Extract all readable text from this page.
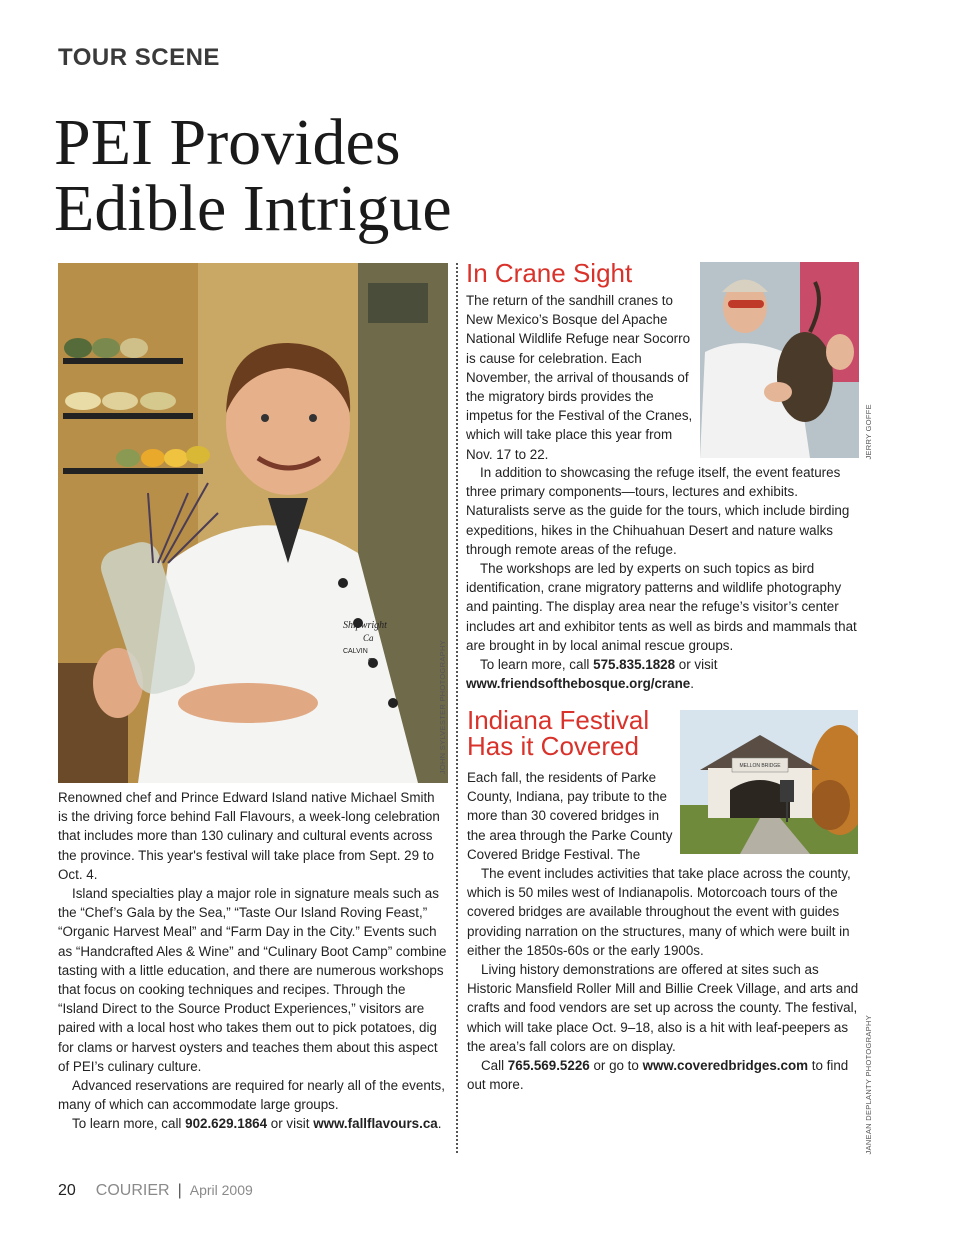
TOUR SCENE
PEI Provides
Edible Intrigue
Shipwright
Ca
CALVIN
C	JOHN SYLVESTER PHOTOGRAPHY

Renowned chef and Prince Edward Island native Michael Smith is the driving force behind Fall Flavours, a week-long celebration that includes more than 130 culinary and cultural events across the province. This year's festival will take place from Sept. 29 to Oct. 4.

Island specialties play a major role in signature meals such as the “Chef’s Gala by the Sea,” “Taste Our Island Roving Feast,” “Organic Harvest Meal” and “Farm Day in the City.” Events such as “Handcrafted Ales & Wine” and “Culinary Boot Camp” combine tasting with a little education, and there are numerous workshops that focus on cooking techniques and recipes. Through the “Island Direct to the Source Product Experiences,” visitors are paired with a local host who takes them out to pick potatoes, dig for clams or harvest oysters and teaches them about this aspect of PEI’s culinary culture.

Advanced reservations are required for nearly all of the events, many of which can accommodate large groups.

To learn more, call 902.629.1864 or visit www.fallflavours.ca.

In Crane Sight
JERRY GOFFE

The return of the sandhill cranes to New Mexico’s Bosque del Apache National Wildlife Refuge near Socorro is cause for celebration. Each November, the arrival of thousands of the migratory birds provides the impetus for the Festival of the Cranes, which will take place this year from Nov. 17 to 22.

In addition to showcasing the refuge itself, the event features three primary components—tours, lectures and exhibits. Naturalists serve as the guide for the tours, which include birding expeditions, hikes in the Chihuahuan Desert and nature walks through remote areas of the refuge.

The workshops are led by experts on such topics as bird identification, crane migratory patterns and wildlife photography and painting. The display area near the refuge’s visitor’s center includes art and exhibitor tents as well as birds and mammals that are brought in by local animal rescue groups.

To learn more, call 575.835.1828 or visit www.friendsofthebosque.org/crane.

Indiana Festival
Has it Covered
MELLON BRIDGE
JANEAN DEPLANTY PHOTOGRAPHY

Each fall, the residents of Parke County, Indiana, pay tribute to the more than 30 covered bridges in the area through the Parke County Covered Bridge Festival. The

The event includes activities that take place across the county, which is 50 miles west of Indianapolis. Motorcoach tours of the covered bridges are available throughout the event with guides providing narration on the structures, many of which were built in either the 1850s-60s or the early 1900s.

Living history demonstrations are offered at sites such as Historic Mansfield Roller Mill and Billie Creek Village, and arts and crafts and food vendors are set up across the county. The festival, which will take place Oct. 9–18, also is a hit with leaf-peepers as the area’s fall colors are on display.

Call 765.569.5226 or go to www.coveredbridges.com to find out more.

20 COURIER | April 2009
